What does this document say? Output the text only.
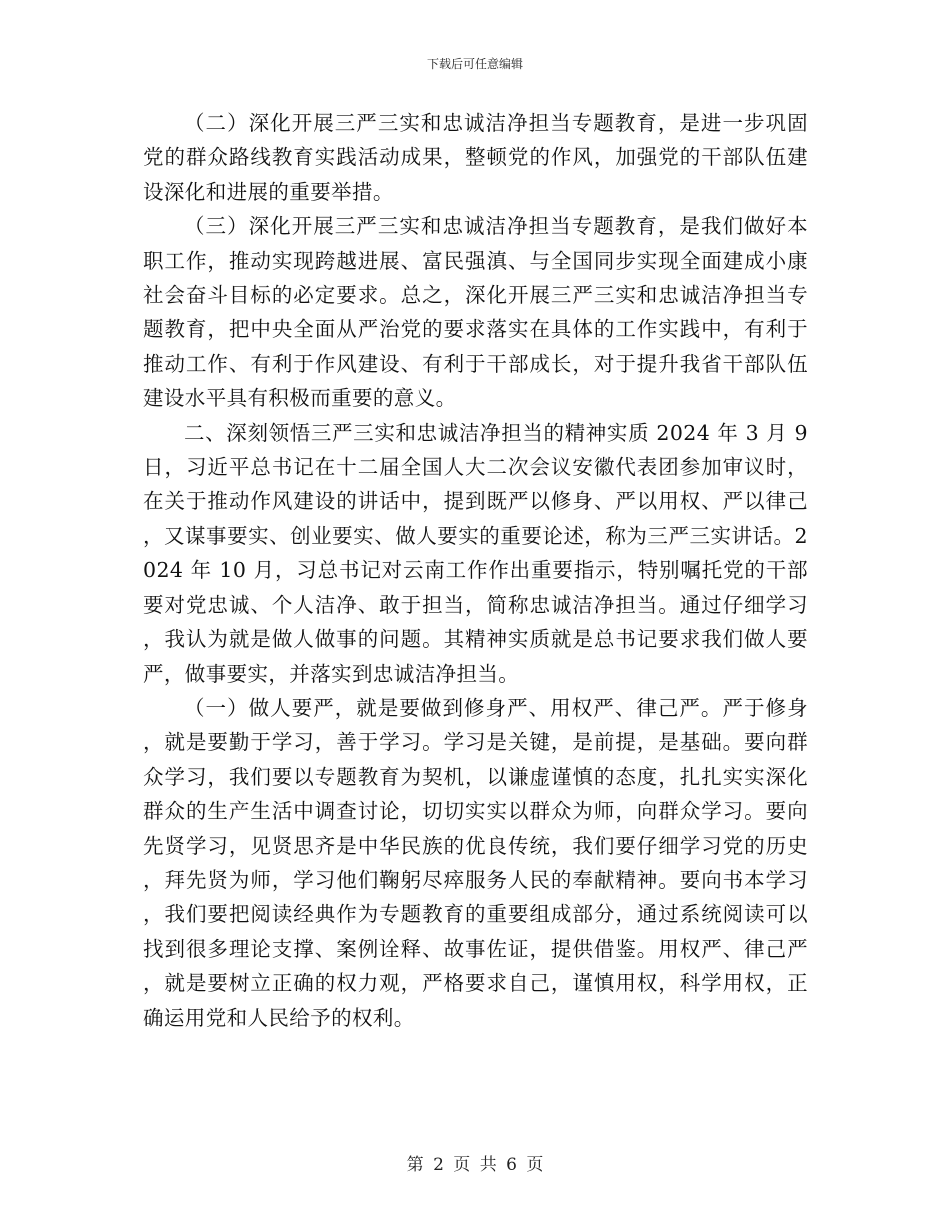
下载后可任意编辑

（二）深化开展三严三实和忠诚洁净担当专题教育，是进一步巩固党的群众路线教育实践活动成果，整顿党的作风，加强党的干部队伍建设深化和进展的重要举措。

（三）深化开展三严三实和忠诚洁净担当专题教育，是我们做好本职工作，推动实现跨越进展、富民强滇、与全国同步实现全面建成小康社会奋斗目标的必定要求。总之，深化开展三严三实和忠诚洁净担当专题教育，把中央全面从严治党的要求落实在具体的工作实践中，有利于推动工作、有利于作风建设、有利于干部成长，对于提升我省干部队伍建设水平具有积极而重要的意义。

二、深刻领悟三严三实和忠诚洁净担当的精神实质 2024 年 3 月 9 日，习近平总书记在十二届全国人大二次会议安徽代表团参加审议时，在关于推动作风建设的讲话中，提到既严以修身、严以用权、严以律己，又谋事要实、创业要实、做人要实的重要论述，称为三严三实讲话。2024 年 10 月，习总书记对云南工作作出重要指示，特别嘱托党的干部要对党忠诚、个人洁净、敢于担当，简称忠诚洁净担当。通过仔细学习，我认为就是做人做事的问题。其精神实质就是总书记要求我们做人要严，做事要实，并落实到忠诚洁净担当。

（一）做人要严，就是要做到修身严、用权严、律己严。严于修身，就是要勤于学习，善于学习。学习是关键，是前提，是基础。要向群众学习，我们要以专题教育为契机，以谦虚谨慎的态度，扎扎实实深化群众的生产生活中调查讨论，切切实实以群众为师，向群众学习。要向先贤学习，见贤思齐是中华民族的优良传统，我们要仔细学习党的历史，拜先贤为师，学习他们鞠躬尽瘁服务人民的奉献精神。要向书本学习，我们要把阅读经典作为专题教育的重要组成部分，通过系统阅读可以找到很多理论支撑、案例诠释、故事佐证，提供借鉴。用权严、律己严，就是要树立正确的权力观，严格要求自己，谨慎用权，科学用权，正确运用党和人民给予的权利。

第 2 页 共 6 页
